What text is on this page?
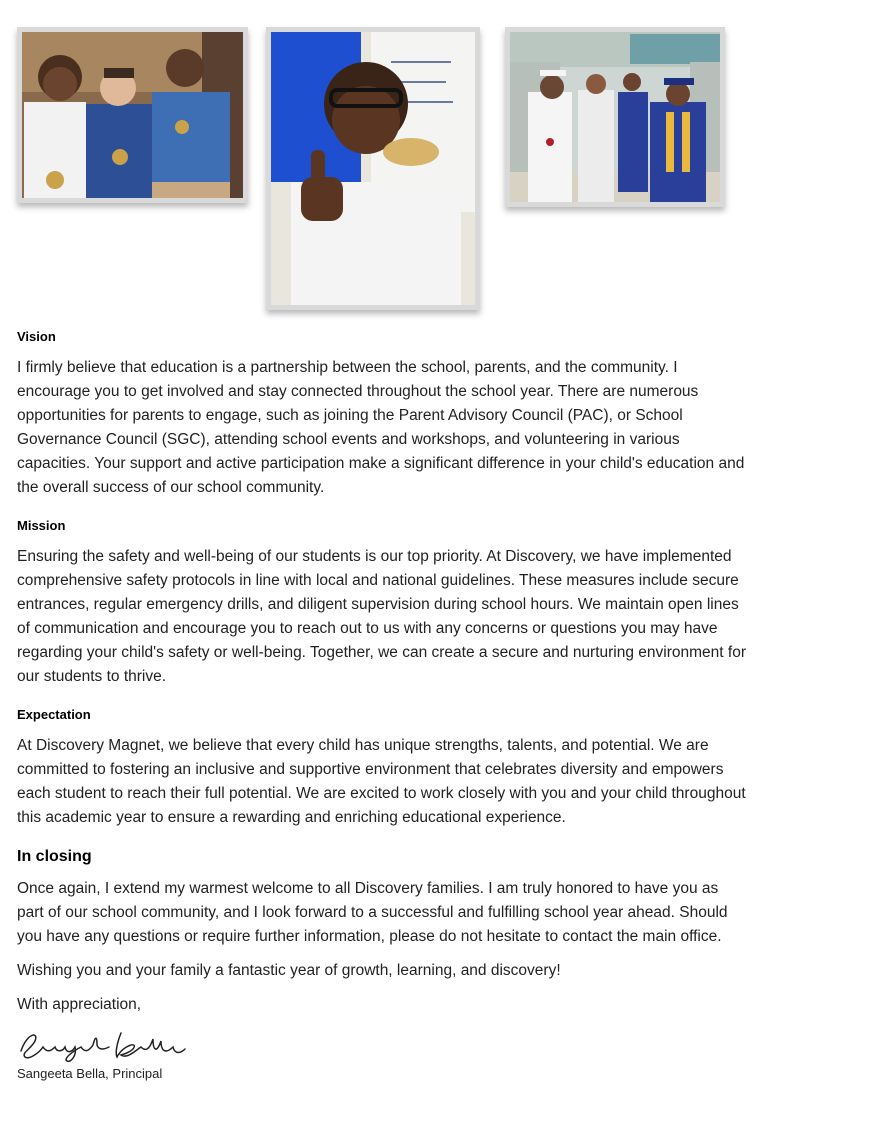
Vision

I firmly believe that education is a partnership between the school, parents, and the community. I encourage you to get involved and stay connected throughout the school year. There are numerous opportunities for parents to engage, such as joining the Parent Advisory Council (PAC), or School Governance Council (SGC), attending school events and workshops, and volunteering in various capacities. Your support and active participation make a significant difference in your child's education and the overall success of our school community.

Mission

Ensuring the safety and well-being of our students is our top priority. At Discovery, we have implemented comprehensive safety protocols in line with local and national guidelines. These measures include secure entrances, regular emergency drills, and diligent supervision during school hours. We maintain open lines of communication and encourage you to reach out to us with any concerns or questions you may have regarding your child's safety or well-being. Together, we can create a secure and nurturing environment for our students to thrive.

Expectation

At Discovery Magnet, we believe that every child has unique strengths, talents, and potential. We are committed to fostering an inclusive and supportive environment that celebrates diversity and empowers each student to reach their full potential. We are excited to work closely with you and your child throughout this academic year to ensure a rewarding and enriching educational experience.

In closing

Once again, I extend my warmest welcome to all Discovery families. I am truly honored to have you as part of our school community, and I look forward to a successful and fulfilling school year ahead. Should you have any questions or require further information, please do not hesitate to contact the main office.

Wishing you and your family a fantastic year of growth, learning, and discovery!

With appreciation,

Sangeeta Bella, Principal
